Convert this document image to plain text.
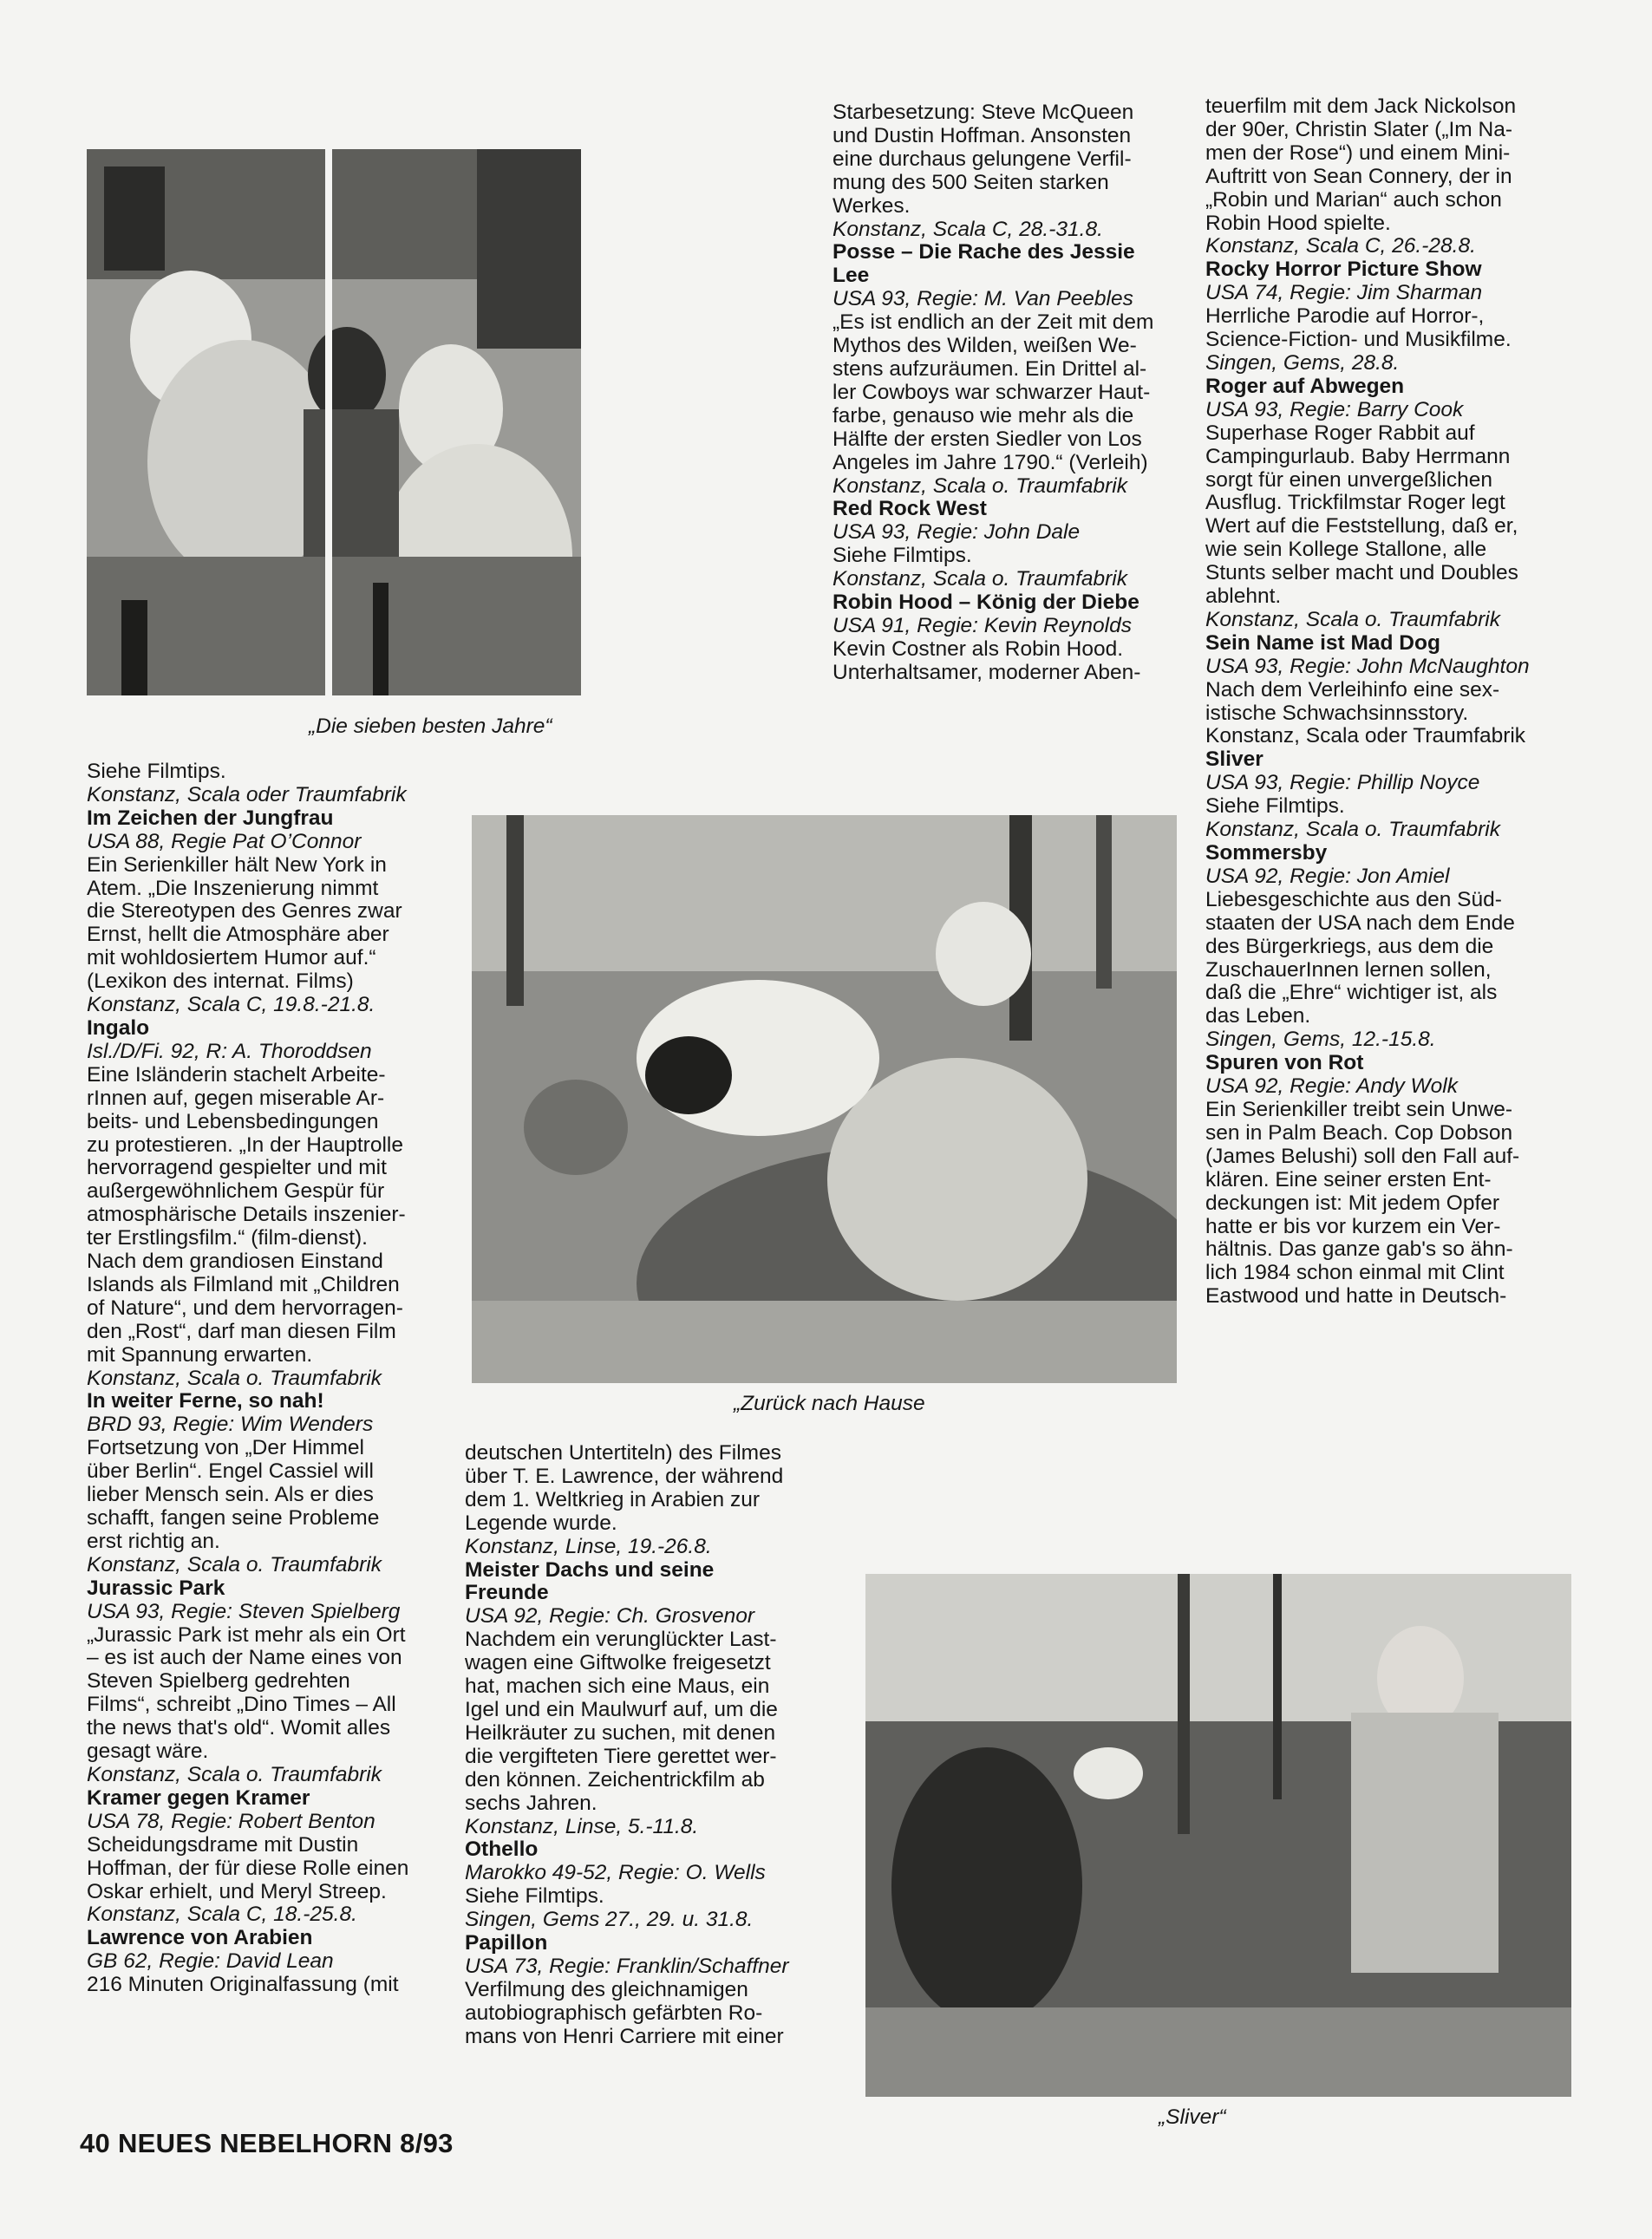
„Die sieben besten Jahre“
„Zurück nach Hause
„Sliver“

Siehe Filmtips.

Konstanz, Scala oder Traumfabrik

Im Zeichen der Jungfrau

USA 88, Regie Pat O’Connor

Ein Serienkiller hält New York in

Atem. „Die Inszenierung nimmt

die Stereotypen des Genres zwar

Ernst, hellt die Atmosphäre aber

mit wohldosiertem Humor auf.“

(Lexikon des internat. Films)

Konstanz, Scala C, 19.8.-21.8.

Ingalo

Isl./D/Fi. 92, R: A. Thoroddsen

Eine Isländerin stachelt Arbeite-

rInnen auf, gegen miserable Ar-

beits- und Lebensbedingungen

zu protestieren. „In der Hauptrolle

hervorragend gespielter und mit

außergewöhnlichem Gespür für

atmosphärische Details inszenier-

ter Erstlingsfilm.“ (film-dienst).

Nach dem grandiosen Einstand

Islands als Filmland mit „Children

of Nature“, und dem hervorragen-

den „Rost“, darf man diesen Film

mit Spannung erwarten.

Konstanz, Scala o. Traumfabrik

In weiter Ferne, so nah!

BRD 93, Regie: Wim Wenders

Fortsetzung von „Der Himmel

über Berlin“. Engel Cassiel will

lieber Mensch sein. Als er dies

schafft, fangen seine Probleme

erst richtig an.

Konstanz, Scala o. Traumfabrik

Jurassic Park

USA 93, Regie: Steven Spielberg

„Jurassic Park ist mehr als ein Ort

– es ist auch der Name eines von

Steven Spielberg gedrehten

Films“, schreibt „Dino Times – All

the news that's old“. Womit alles

gesagt wäre.

Konstanz, Scala o. Traumfabrik

Kramer gegen Kramer

USA 78, Regie: Robert Benton

Scheidungsdrame mit Dustin

Hoffman, der für diese Rolle einen

Oskar erhielt, und Meryl Streep.

Konstanz, Scala C, 18.-25.8.

Lawrence von Arabien

GB 62, Regie: David Lean

216 Minuten Originalfassung (mit

deutschen Untertiteln) des Filmes

über T. E. Lawrence, der während

dem 1. Weltkrieg in Arabien zur

Legende wurde.

Konstanz, Linse, 19.-26.8.

Meister Dachs und seine

Freunde

USA 92, Regie: Ch. Grosvenor

Nachdem ein verunglückter Last-

wagen eine Giftwolke freigesetzt

hat, machen sich eine Maus, ein

Igel und ein Maulwurf auf, um die

Heilkräuter zu suchen, mit denen

die vergifteten Tiere gerettet wer-

den können. Zeichentrickfilm ab

sechs Jahren.

Konstanz, Linse, 5.-11.8.

Othello

Marokko 49-52, Regie: O. Wells

Siehe Filmtips.

Singen, Gems 27., 29. u. 31.8.

Papillon

USA 73, Regie: Franklin/Schaffner

Verfilmung des gleichnamigen

autobiographisch gefärbten Ro-

mans von Henri Carriere mit einer

Starbesetzung: Steve McQueen

und Dustin Hoffman. Ansonsten

eine durchaus gelungene Verfil-

mung des 500 Seiten starken

Werkes.

Konstanz, Scala C, 28.-31.8.

Posse – Die Rache des Jessie

Lee

USA 93, Regie: M. Van Peebles

„Es ist endlich an der Zeit mit dem

Mythos des Wilden, weißen We-

stens aufzuräumen. Ein Drittel al-

ler Cowboys war schwarzer Haut-

farbe, genauso wie mehr als die

Hälfte der ersten Siedler von Los

Angeles im Jahre 1790.“ (Verleih)

Konstanz, Scala o. Traumfabrik

Red Rock West

USA 93, Regie: John Dale

Siehe Filmtips.

Konstanz, Scala o. Traumfabrik

Robin Hood – König der Diebe

USA 91, Regie: Kevin Reynolds

Kevin Costner als Robin Hood.

Unterhaltsamer, moderner Aben-

teuerfilm mit dem Jack Nickolson

der 90er, Christin Slater („Im Na-

men der Rose“) und einem Mini-

Auftritt von Sean Connery, der in

„Robin und Marian“ auch schon

Robin Hood spielte.

Konstanz, Scala C, 26.-28.8.

Rocky Horror Picture Show

USA 74, Regie: Jim Sharman

Herrliche Parodie auf Horror-,

Science-Fiction- und Musikfilme.

Singen, Gems, 28.8.

Roger auf Abwegen

USA 93, Regie: Barry Cook

Superhase Roger Rabbit auf

Campingurlaub. Baby Herrmann

sorgt für einen unvergeßlichen

Ausflug. Trickfilmstar Roger legt

Wert auf die Feststellung, daß er,

wie sein Kollege Stallone, alle

Stunts selber macht und Doubles

ablehnt.

Konstanz, Scala o. Traumfabrik

Sein Name ist Mad Dog

USA 93, Regie: John McNaughton

Nach dem Verleihinfo eine sex-

istische Schwachsinnsstory.

Konstanz, Scala oder Traumfabrik

Sliver

USA 93, Regie: Phillip Noyce

Siehe Filmtips.

Konstanz, Scala o. Traumfabrik

Sommersby

USA 92, Regie: Jon Amiel

Liebesgeschichte aus den Süd-

staaten der USA nach dem Ende

des Bürgerkriegs, aus dem die

ZuschauerInnen lernen sollen,

daß die „Ehre“ wichtiger ist, als

das Leben.

Singen, Gems, 12.-15.8.

Spuren von Rot

USA 92, Regie: Andy Wolk

Ein Serienkiller treibt sein Unwe-

sen in Palm Beach. Cop Dobson

(James Belushi) soll den Fall auf-

klären. Eine seiner ersten Ent-

deckungen ist: Mit jedem Opfer

hatte er bis vor kurzem ein Ver-

hältnis. Das ganze gab's so ähn-

lich 1984 schon einmal mit Clint

Eastwood und hatte in Deutsch-

40 NEUES NEBELHORN 8/93
